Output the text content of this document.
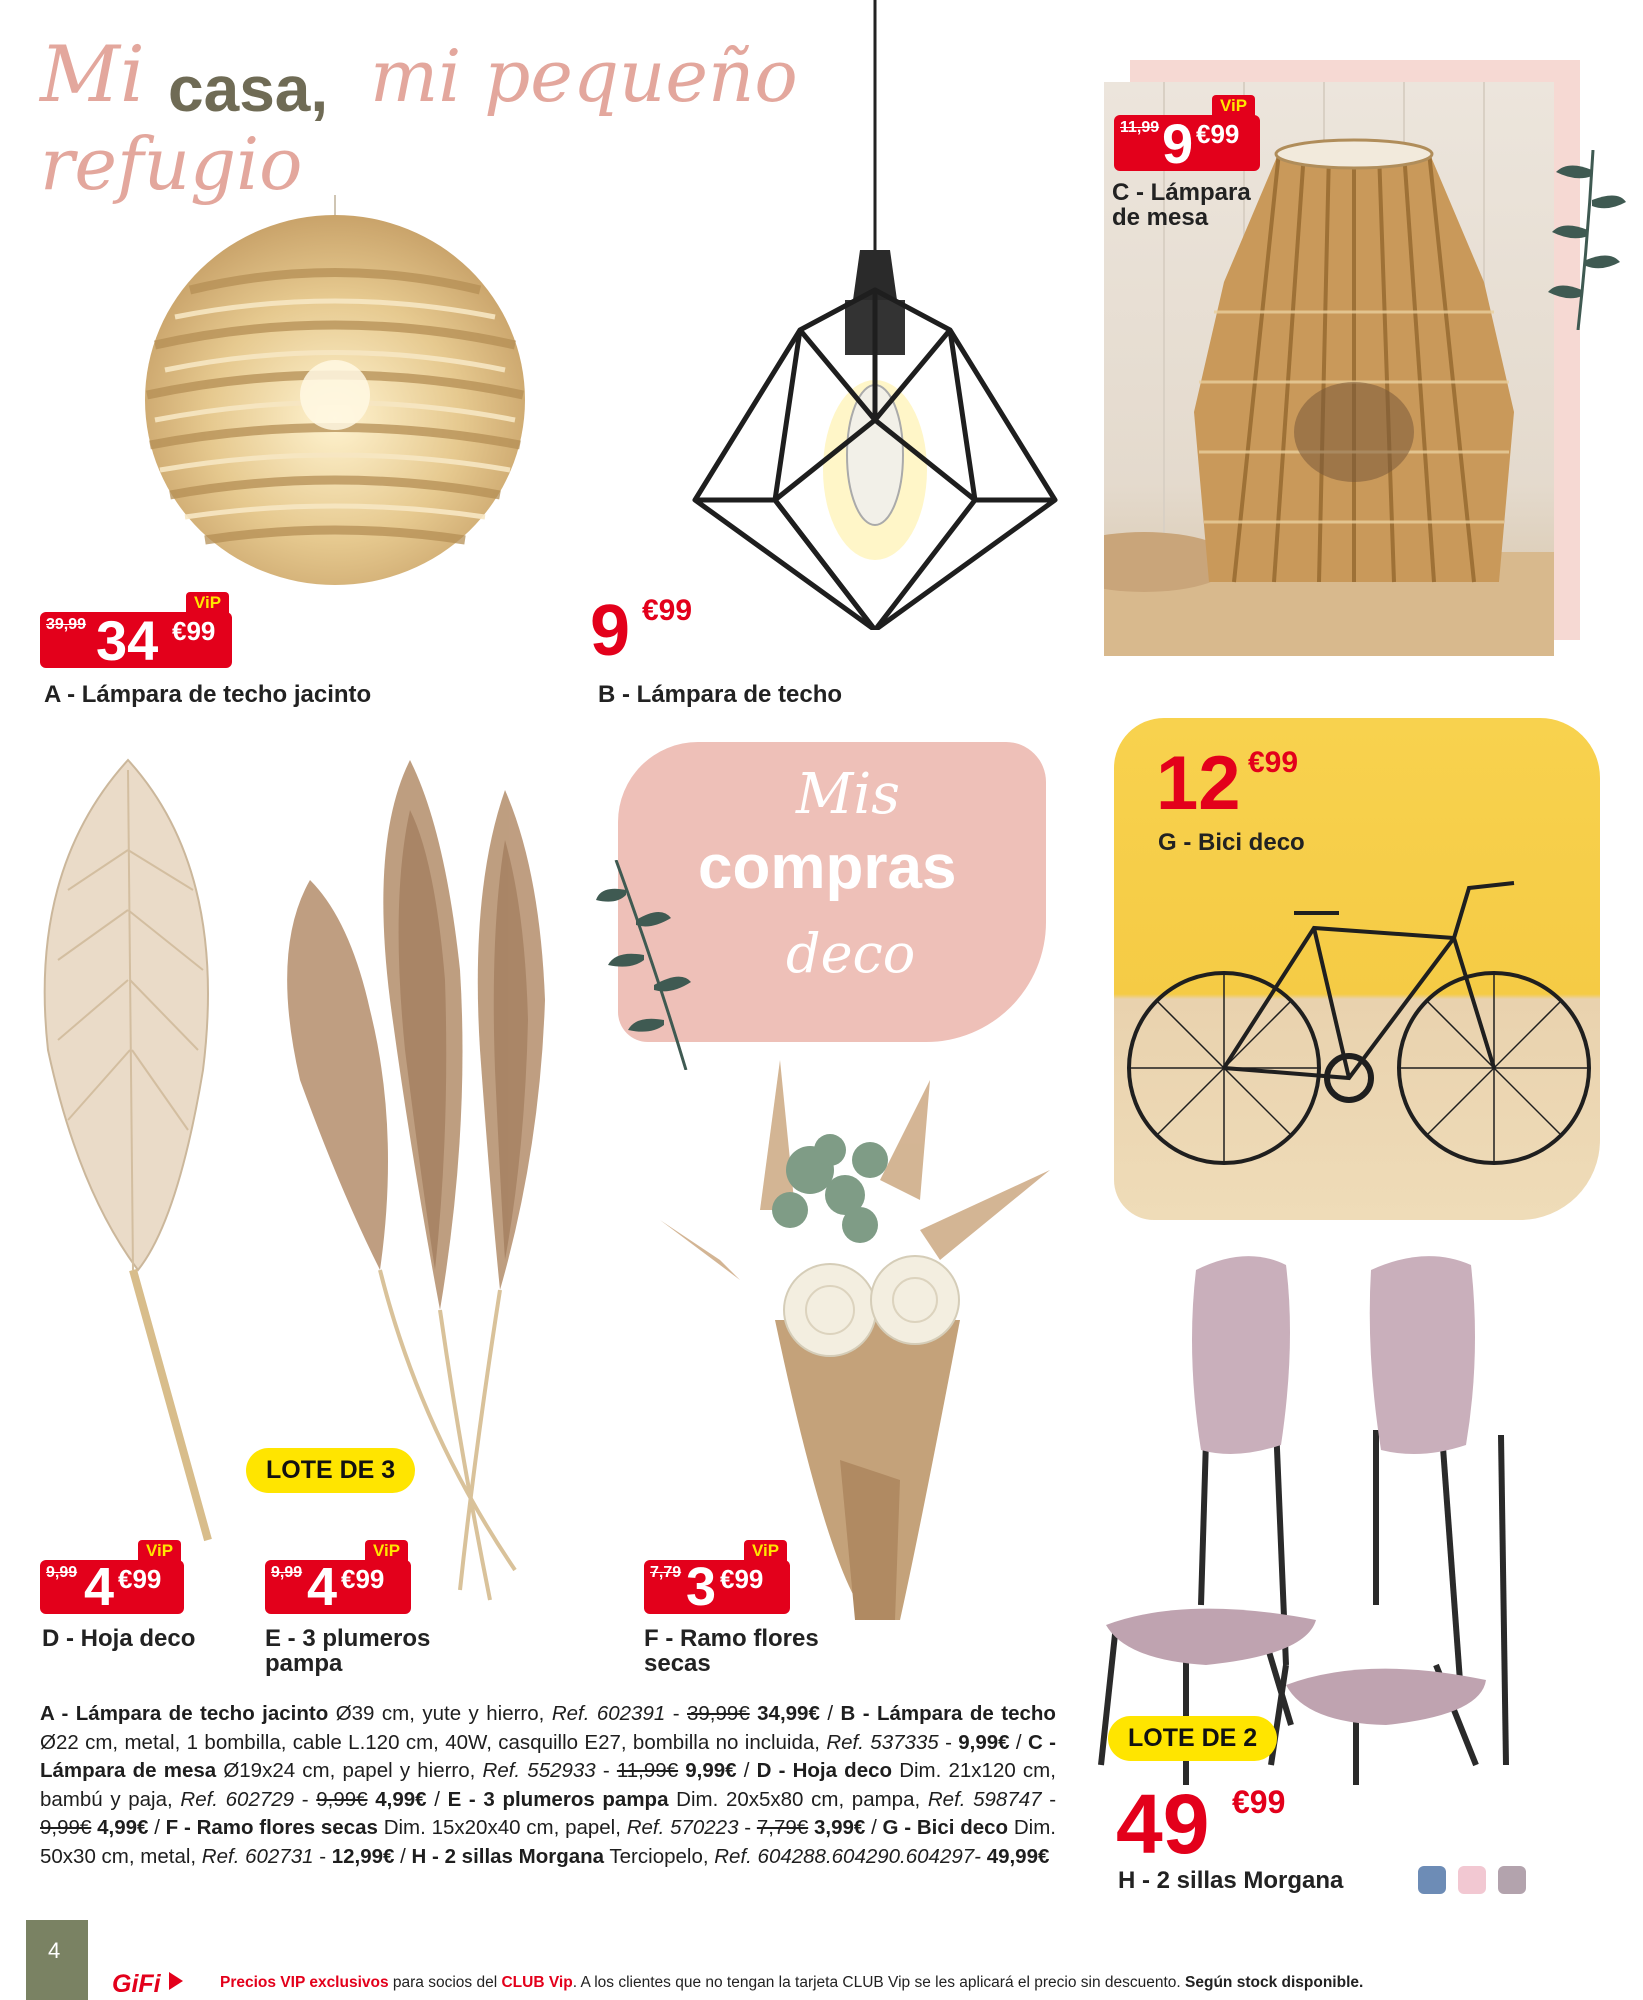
Mi casa, mi pequeño
refugio
39,99 34 €99
ViP
A - Lámpara de techo jacinto
9 €99
B - Lámpara de techo
11,99 9 €99
ViP
C - Lámpara
de mesa
12 €99
G - Bici deco
Mis
compras
deco
9,99 4 €99
ViP
D - Hoja deco
LOTE DE 3
9,99 4 €99
ViP
E - 3 plumeros
pampa
7,79 3 €99
ViP
F - Ramo flores
secas
LOTE DE 2
49 €99
H - 2 sillas Morgana
A - Lámpara de techo jacinto Ø39 cm, yute y hierro, Ref. 602391 - 39,99€ 34,99€ / B - Lámpara de techo Ø22 cm, metal, 1 bombilla, cable L.120 cm, 40W, casquillo E27, bombilla no incluida, Ref. 537335 - 9,99€ / C - Lámpara de mesa Ø19x24 cm, papel y hierro, Ref. 552933 - 11,99€ 9,99€ / D - Hoja deco Dim. 21x120 cm, bambú y paja, Ref. 602729 - 9,99€ 4,99€ / E - 3 plumeros pampa Dim. 20x5x80 cm, pampa, Ref. 598747 - 9,99€ 4,99€ / F - Ramo flores secas Dim. 15x20x40 cm, papel, Ref. 570223 - 7,79€ 3,99€ / G - Bici deco Dim. 50x30 cm, metal, Ref. 602731 - 12,99€ / H - 2 sillas Morgana Terciopelo, Ref. 604288.604290.604297- 49,99€
4
GiFi	Precios VIP exclusivos para socios del CLUB Vip. A los clientes que no tengan la tarjeta CLUB Vip se les aplicará el precio sin descuento. Según stock disponible.
